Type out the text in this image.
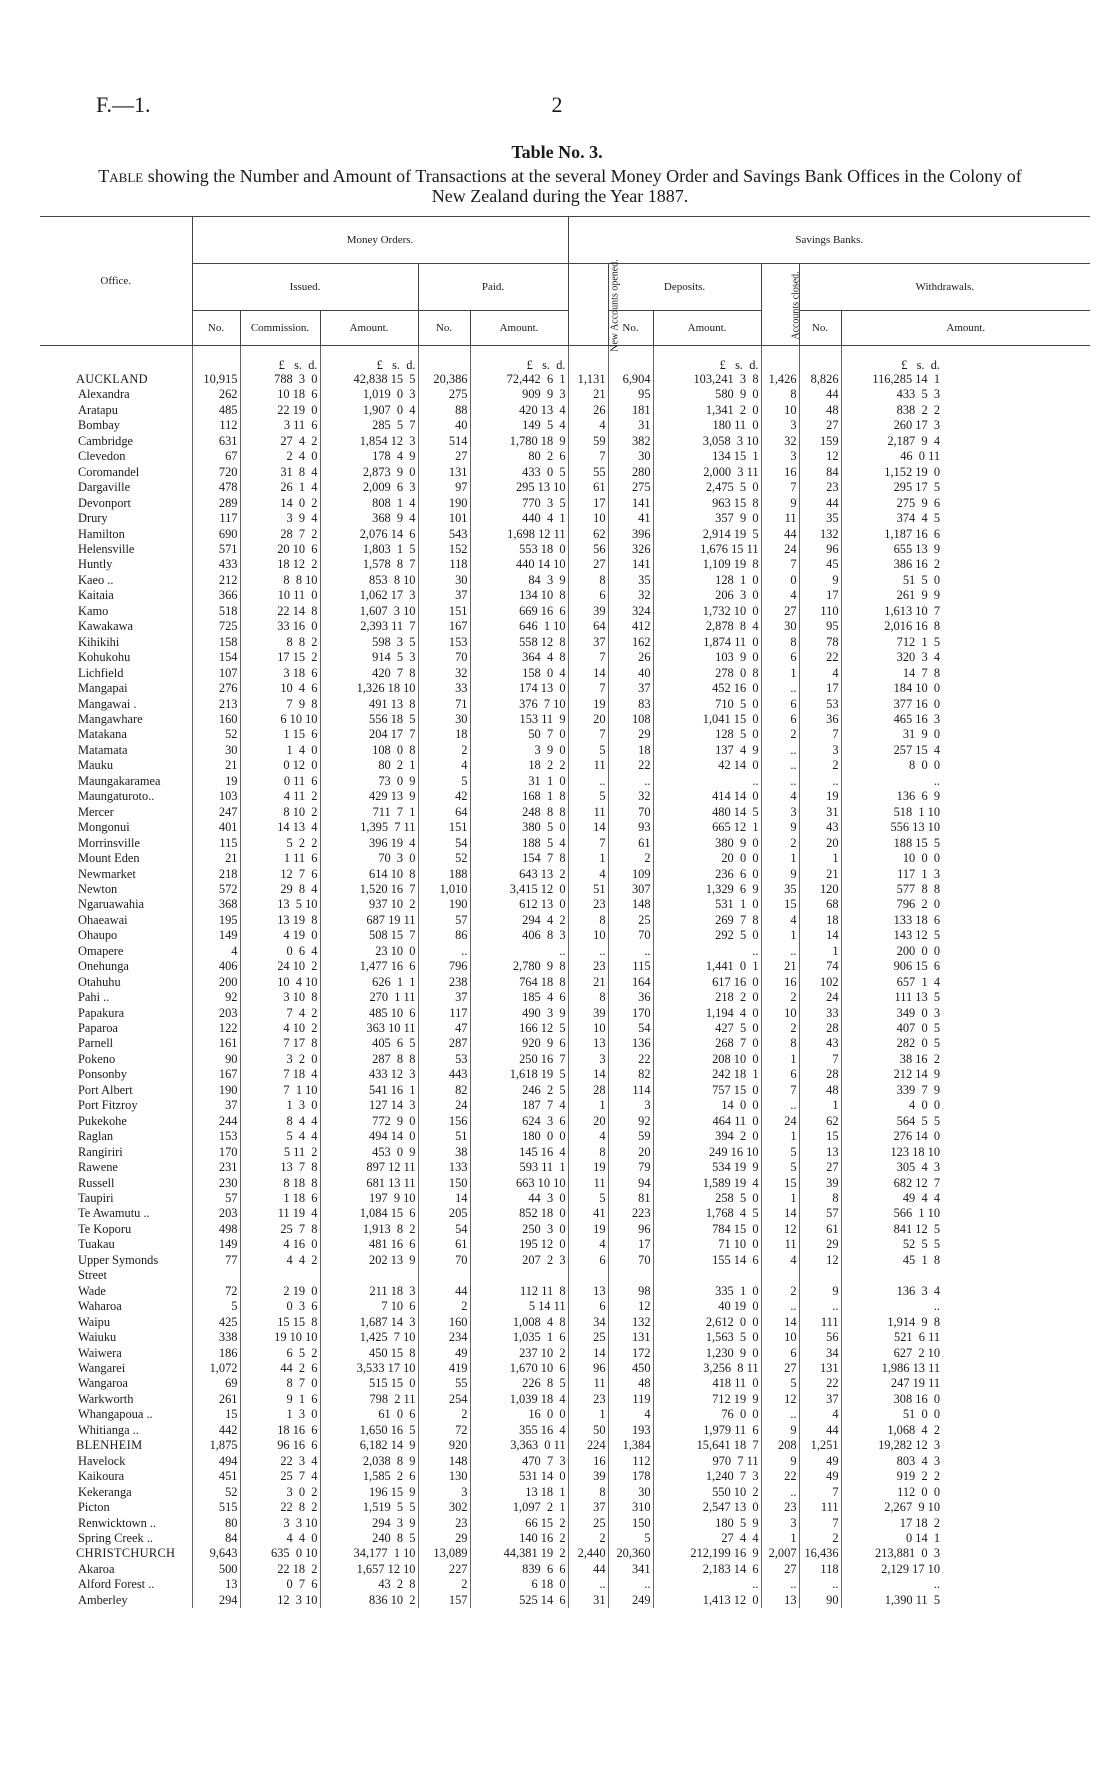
F.—1.	2
Table No. 3.
Table showing the Number and Amount of Transactions at the several Money Order and Savings Bank Offices in the Colony of New Zealand during the Year 1887.
Office.	Money Orders.					Savings Banks.					
	Issued.			Paid.		New Accounts opened.	Deposits.		Accounts closed.	Withdrawals.	
	No.	Commission.	Amount.	No.	Amount.		No.	Amount.		No.	Amount.
		£   s.  d.	£   s.  d.		£   s.  d.			£   s.  d.			£   s.  d.
AUCKLAND	10,915	788  3  0	42,838 15  5	20,386	72,442  6  1	1,131	6,904	103,241  3  8	1,426	8,826	116,285 14  1
Alexandra	262	10 18  6	1,019  0  3	275	909  9  3	21	95	580  9  0	8	44	433  5  3
Aratapu	485	22 19  0	1,907  0  4	88	420 13  4	26	181	1,341  2  0	10	48	838  2  2
Bombay	112	3 11  6	285  5  7	40	149  5  4	4	31	180 11  0	3	27	260 17  3
Cambridge	631	27  4  2	1,854 12  3	514	1,780 18  9	59	382	3,058  3 10	32	159	2,187  9  4
Clevedon	67	2  4  0	178  4  9	27	80  2  6	7	30	134 15  1	3	12	46  0 11
Coromandel	720	31  8  4	2,873  9  0	131	433  0  5	55	280	2,000  3 11	16	84	1,152 19  0
Dargaville	478	26  1  4	2,009  6  3	97	295 13 10	61	275	2,475  5  0	7	23	295 17  5
Devonport	289	14  0  2	808  1  4	190	770  3  5	17	141	963 15  8	9	44	275  9  6
Drury	117	3  9  4	368  9  4	101	440  4  1	10	41	357  9  0	11	35	374  4  5
Hamilton	690	28  7  2	2,076 14  6	543	1,698 12 11	62	396	2,914 19  5	44	132	1,187 16  6
Helensville	571	20 10  6	1,803  1  5	152	553 18  0	56	326	1,676 15 11	24	96	655 13  9
Huntly	433	18 12  2	1,578  8  7	118	440 14 10	27	141	1,109 19  8	7	45	386 16  2
Kaeo ..	212	8  8 10	853  8 10	30	84  3  9	8	35	128  1  0	0	9	51  5  0
Kaitaia	366	10 11  0	1,062 17  3	37	134 10  8	6	32	206  3  0	4	17	261  9  9
Kamo	518	22 14  8	1,607  3 10	151	669 16  6	39	324	1,732 10  0	27	110	1,613 10  7
Kawakawa	725	33 16  0	2,393 11  7	167	646  1 10	64	412	2,878  8  4	30	95	2,016 16  8
Kihikihi	158	8  8  2	598  3  5	153	558 12  8	37	162	1,874 11  0	8	78	712  1  5
Kohukohu	154	17 15  2	914  5  3	70	364  4  8	7	26	103  9  0	6	22	320  3  4
Lichfield	107	3 18  6	420  7  8	32	158  0  4	14	40	278  0  8	1	4	14  7  8
Mangapai	276	10  4  6	1,326 18 10	33	174 13  0	7	37	452 16  0	..	17	184 10  0
Mangawai .	213	7  9  8	491 13  8	71	376  7 10	19	83	710  5  0	6	53	377 16  0
Mangawhare	160	6 10 10	556 18  5	30	153 11  9	20	108	1,041 15  0	6	36	465 16  3
Matakana	52	1 15  6	204 17  7	18	50  7  0	7	29	128  5  0	2	7	31  9  0
Matamata	30	1  4  0	108  0  8	2	3  9  0	5	18	137  4  9	..	3	257 15  4
Mauku	21	0 12  0	80  2  1	4	18  2  2	11	22	42 14  0	..	2	8  0  0
Maungakaramea	19	0 11  6	73  0  9	5	31  1  0	..	..	..	..	..	..
Maungaturoto..	103	4 11  2	429 13  9	42	168  1  8	5	32	414 14  0	4	19	136  6  9
Mercer	247	8 10  2	711  7  1	64	248  8  8	11	70	480 14  5	3	31	518  1 10
Mongonui	401	14 13  4	1,395  7 11	151	380  5  0	14	93	665 12  1	9	43	556 13 10
Morrinsville	115	5  2  2	396 19  4	54	188  5  4	7	61	380  9  0	2	20	188 15  5
Mount Eden	21	1 11  6	70  3  0	52	154  7  8	1	2	20  0  0	1	1	10  0  0
Newmarket	218	12  7  6	614 10  8	188	643 13  2	4	109	236  6  0	9	21	117  1  3
Newton	572	29  8  4	1,520 16  7	1,010	3,415 12  0	51	307	1,329  6  9	35	120	577  8  8
Ngaruawahia	368	13  5 10	937 10  2	190	612 13  0	23	148	531  1  0	15	68	796  2  0
Ohaeawai	195	13 19  8	687 19 11	57	294  4  2	8	25	269  7  8	4	18	133 18  6
Ohaupo	149	4 19  0	508 15  7	86	406  8  3	10	70	292  5  0	1	14	143 12  5
Omapere	4	0  6  4	23 10  0	..	..	..	..	..	..	1	200  0  0
Onehunga	406	24 10  2	1,477 16  6	796	2,780  9  8	23	115	1,441  0  1	21	74	906 15  6
Otahuhu	200	10  4 10	626  1  1	238	764 18  8	21	164	617 16  0	16	102	657  1  4
Pahi ..	92	3 10  8	270  1 11	37	185  4  6	8	36	218  2  0	2	24	111 13  5
Papakura	203	7  4  2	485 10  6	117	490  3  9	39	170	1,194  4  0	10	33	349  0  3
Paparoa	122	4 10  2	363 10 11	47	166 12  5	10	54	427  5  0	2	28	407  0  5
Parnell	161	7 17  8	405  6  5	287	920  9  6	13	136	268  7  0	8	43	282  0  5
Pokeno	90	3  2  0	287  8  8	53	250 16  7	3	22	208 10  0	1	7	38 16  2
Ponsonby	167	7 18  4	433 12  3	443	1,618 19  5	14	82	242 18  1	6	28	212 14  9
Port Albert	190	7  1 10	541 16  1	82	246  2  5	28	114	757 15  0	7	48	339  7  9
Port Fitzroy	37	1  3  0	127 14  3	24	187  7  4	1	3	14  0  0	..	1	4  0  0
Pukekohe	244	8  4  4	772  9  0	156	624  3  6	20	92	464 11  0	24	62	564  5  5
Raglan	153	5  4  4	494 14  0	51	180  0  0	4	59	394  2  0	1	15	276 14  0
Rangiriri	170	5 11  2	453  0  9	38	145 16  4	8	20	249 16 10	5	13	123 18 10
Rawene	231	13  7  8	897 12 11	133	593 11  1	19	79	534 19  9	5	27	305  4  3
Russell	230	8 18  8	681 13 11	150	663 10 10	11	94	1,589 19  4	15	39	682 12  7
Taupiri	57	1 18  6	197  9 10	14	44  3  0	5	81	258  5  0	1	8	49  4  4
Te Awamutu ..	203	11 19  4	1,084 15  6	205	852 18  0	41	223	1,768  4  5	14	57	566  1 10
Te Koporu	498	25  7  8	1,913  8  2	54	250  3  0	19	96	784 15  0	12	61	841 12  5
Tuakau	149	4 16  0	481 16  6	61	195 12  0	4	17	71 10  0	11	29	52  5  5
Upper Symonds	77	4  4  2	202 13  9	70	207  2  3	6	70	155 14  6	4	12	45  1  8
Street											
Wade	72	2 19  0	211 18  3	44	112 11  8	13	98	335  1  0	2	9	136  3  4
Waharoa	5	0  3  6	7 10  6	2	5 14 11	6	12	40 19  0	..	..	..
Waipu	425	15 15  8	1,687 14  3	160	1,008  4  8	34	132	2,612  0  0	14	111	1,914  9  8
Waiuku	338	19 10 10	1,425  7 10	234	1,035  1  6	25	131	1,563  5  0	10	56	521  6 11
Waiwera	186	6  5  2	450 15  8	49	237 10  2	14	172	1,230  9  0	6	34	627  2 10
Wangarei	1,072	44  2  6	3,533 17 10	419	1,670 10  6	96	450	3,256  8 11	27	131	1,986 13 11
Wangaroa	69	8  7  0	515 15  0	55	226  8  5	11	48	418 11  0	5	22	247 19 11
Warkworth	261	9  1  6	798  2 11	254	1,039 18  4	23	119	712 19  9	12	37	308 16  0
Whangapoua ..	15	1  3  0	61  0  6	2	16  0  0	1	4	76  0  0	..	4	51  0  0
Whitianga ..	442	18 16  6	1,650 16  5	72	355 16  4	50	193	1,979 11  6	9	44	1,068  4  2
BLENHEIM	1,875	96 16  6	6,182 14  9	920	3,363  0 11	224	1,384	15,641 18  7	208	1,251	19,282 12  3
Havelock	494	22  3  4	2,038  8  9	148	470  7  3	16	112	970  7 11	9	49	803  4  3
Kaikoura	451	25  7  4	1,585  2  6	130	531 14  0	39	178	1,240  7  3	22	49	919  2  2
Kekeranga	52	3  0  2	196 15  9	3	13 18  1	8	30	550 10  2	..	7	112  0  0
Picton	515	22  8  2	1,519  5  5	302	1,097  2  1	37	310	2,547 13  0	23	111	2,267  9 10
Renwicktown ..	80	3  3 10	294  3  9	23	66 15  2	25	150	180  5  9	3	7	17 18  2
Spring Creek ..	84	4  4  0	240  8  5	29	140 16  2	2	5	27  4  4	1	2	0 14  1
CHRISTCHURCH	9,643	635  0 10	34,177  1 10	13,089	44,381 19  2	2,440	20,360	212,199 16  9	2,007	16,436	213,881  0  3
Akaroa	500	22 18  2	1,657 12 10	227	839  6  6	44	341	2,183 14  6	27	118	2,129 17 10
Alford Forest ..	13	0  7  6	43  2  8	2	6 18  0	..	..	..	..	..	..
Amberley	294	12  3 10	836 10  2	157	525 14  6	31	249	1,413 12  0	13	90	1,390 11  5
